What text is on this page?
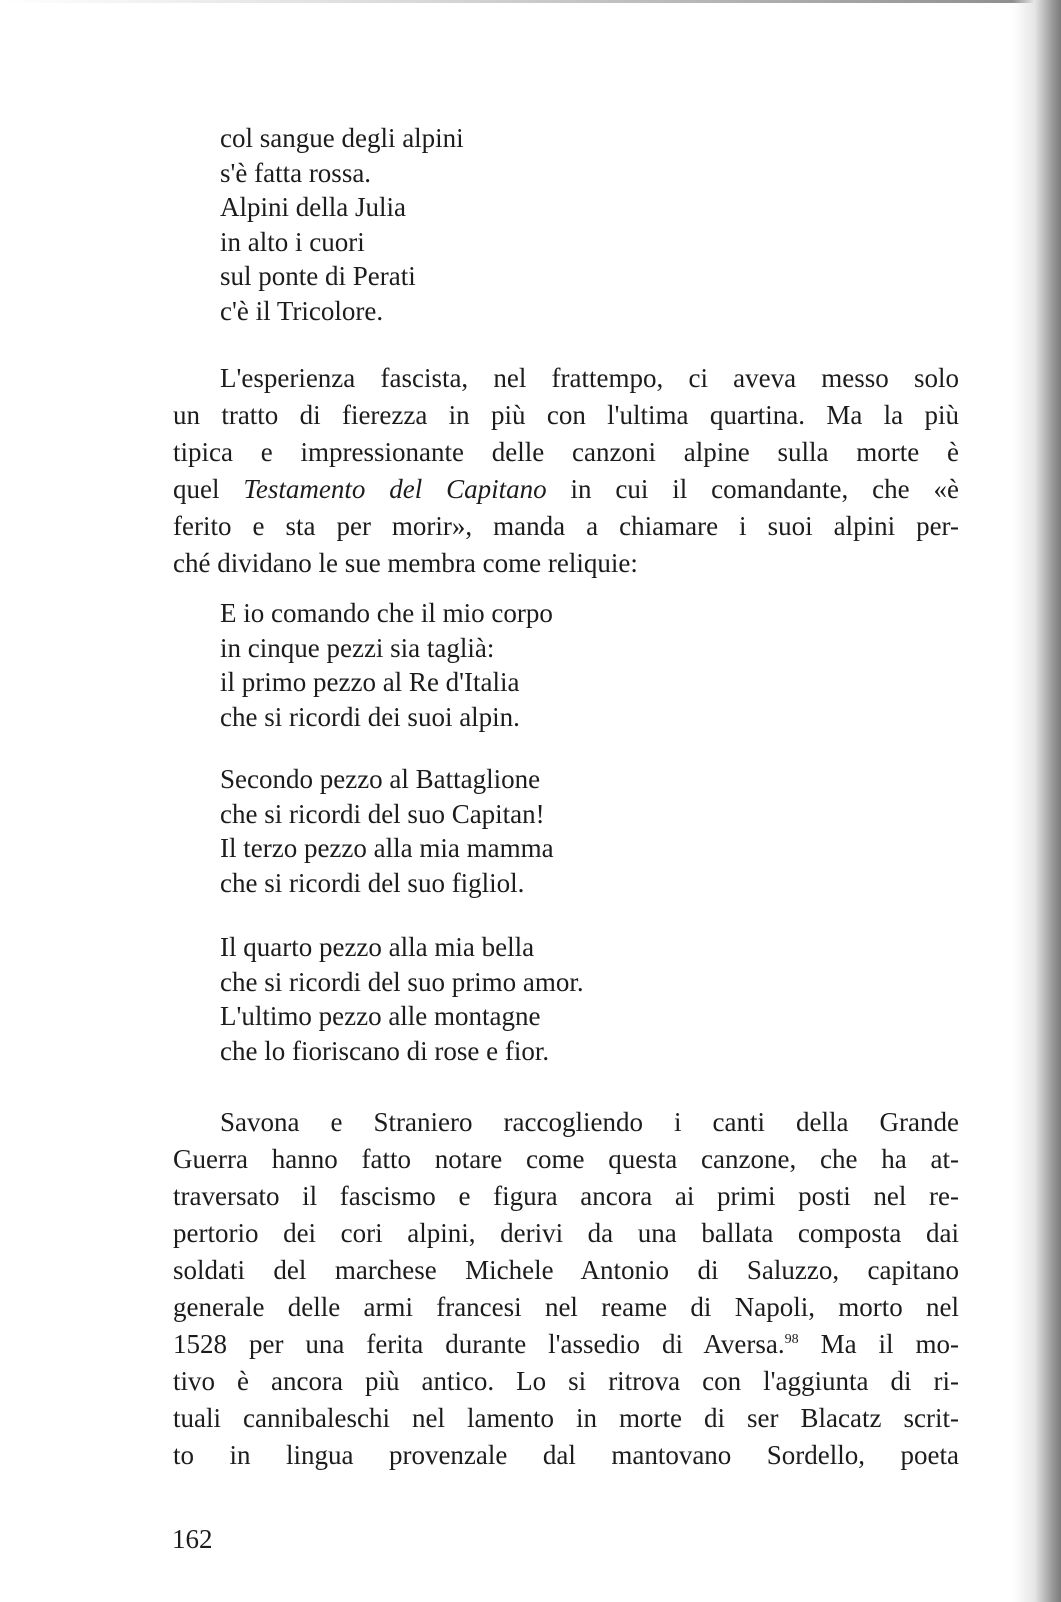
col sangue degli alpini
s'è fatta rossa.
Alpini della Julia
in alto i cuori
sul ponte di Perati
c'è il Tricolore.
L'esperienza fascista, nel frattempo, ci aveva messo solo
un tratto di fierezza in più con l'ultima quartina. Ma la più
tipica e impressionante delle canzoni alpine sulla morte è
quel Testamento del Capitano in cui il comandante, che «è
ferito e sta per morir», manda a chiamare i suoi alpini per-
ché dividano le sue membra come reliquie:
E io comando che il mio corpo
in cinque pezzi sia taglià:
il primo pezzo al Re d'Italia
che si ricordi dei suoi alpin.
Secondo pezzo al Battaglione
che si ricordi del suo Capitan!
Il terzo pezzo alla mia mamma
che si ricordi del suo figliol.
Il quarto pezzo alla mia bella
che si ricordi del suo primo amor.
L'ultimo pezzo alle montagne
che lo fioriscano di rose e fior.
Savona e Straniero raccogliendo i canti della Grande
Guerra hanno fatto notare come questa canzone, che ha at-
traversato il fascismo e figura ancora ai primi posti nel re-
pertorio dei cori alpini, derivi da una ballata composta dai
soldati del marchese Michele Antonio di Saluzzo, capitano
generale delle armi francesi nel reame di Napoli, morto nel
1528 per una ferita durante l'assedio di Aversa.$^{98}$ Ma il mo-
tivo è ancora più antico. Lo si ritrova con l'aggiunta di ri-
tuali cannibaleschi nel lamento in morte di ser Blacatz scrit-
to in lingua provenzale dal mantovano Sordello, poeta
162
